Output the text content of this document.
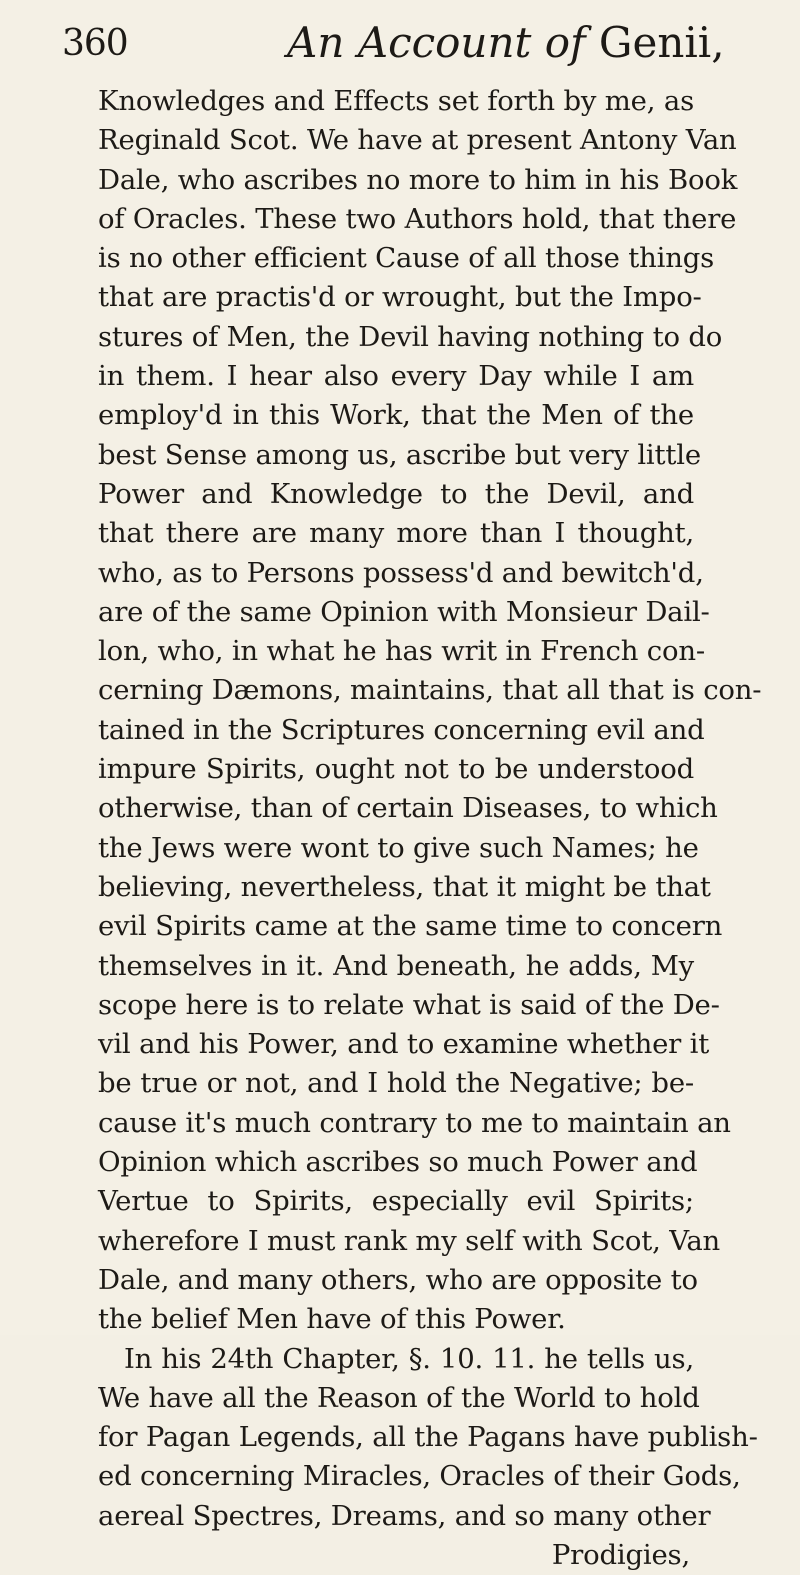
360	An Account of Genii,
Knowledges and Effects set forth by me, as
Reginald Scot. We have at present Antony Van
Dale, who ascribes no more to him in his Book
of Oracles. These two Authors hold, that there
is no other efficient Cause of all those things
that are practis'd or wrought, but the Impo-
stures of Men, the Devil having nothing to do
in them. I hear also every Day while I am
employ'd in this Work, that the Men of the
best Sense among us, ascribe but very little
Power and Knowledge to the Devil, and
that there are many more than I thought,
who, as to Persons possess'd and bewitch'd,
are of the same Opinion with Monsieur Dail-
lon, who, in what he has writ in French con-
cerning Dæmons, maintains, that all that is con-
tained in the Scriptures concerning evil and
impure Spirits, ought not to be understood
otherwise, than of certain Diseases, to which
the Jews were wont to give such Names; he
believing, nevertheless, that it might be that
evil Spirits came at the same time to concern
themselves in it. And beneath, he adds, My
scope here is to relate what is said of the De-
vil and his Power, and to examine whether it
be true or not, and I hold the Negative; be-
cause it's much contrary to me to maintain an
Opinion which ascribes so much Power and
Vertue to Spirits, especially evil Spirits;
wherefore I must rank my self with Scot, Van
Dale, and many others, who are opposite to
the belief Men have of this Power.
In his 24th Chapter, §. 10. 11. he tells us,
We have all the Reason of the World to hold
for Pagan Legends, all the Pagans have publish-
ed concerning Miracles, Oracles of their Gods,
aereal Spectres, Dreams, and so many other
Prodigies,
